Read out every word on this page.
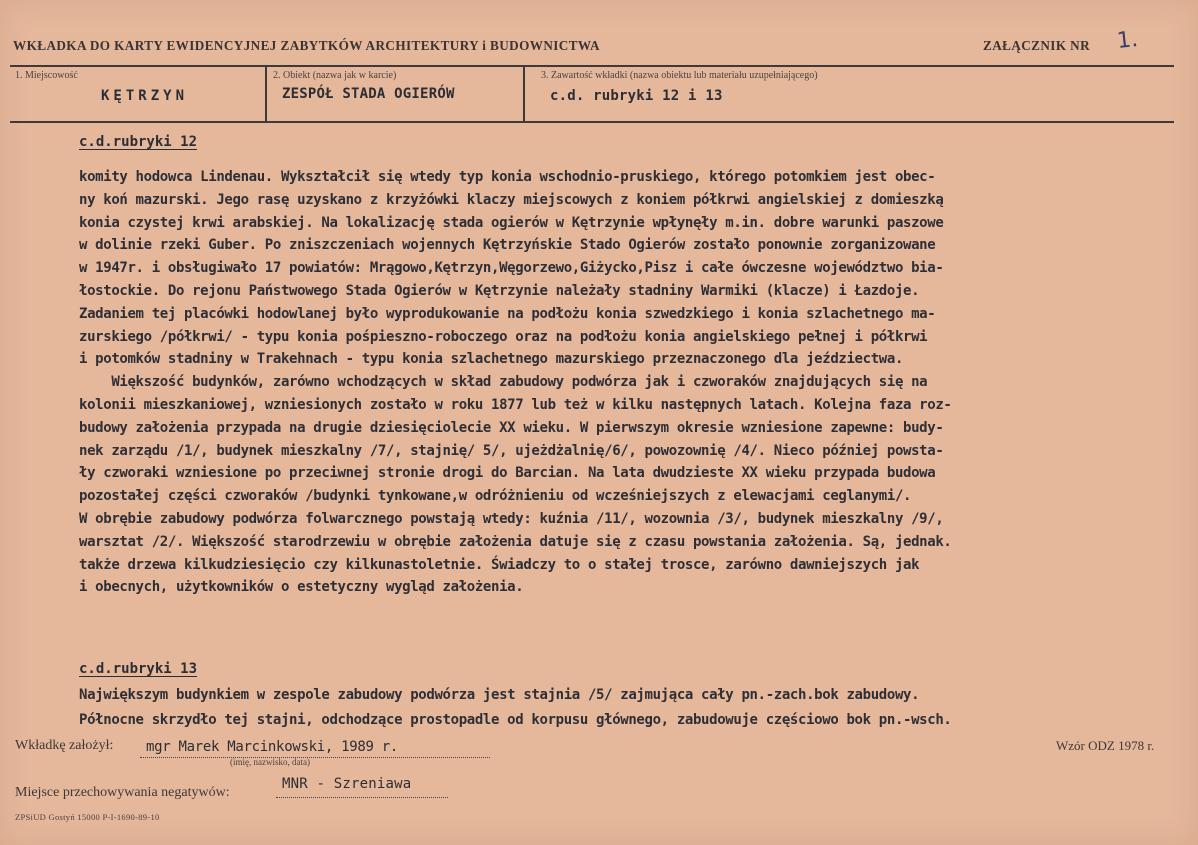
WKŁADKA DO KARTY EWIDENCYJNEJ ZABYTKÓW ARCHITEKTURY i BUDOWNICTWA	ZAŁĄCZNIK NR 1.
1. Miejscowość
KĘTRZYN
2. Obiekt (nazwa jak w karcie)
ZESPÓŁ STADA OGIERÓW
3. Zawartość wkładki (nazwa obiektu lub materiału uzupełniającego)
c.d. rubryki 12 i 13
c.d.rubryki 12
komity hodowca Lindenau. Wykształcił się wtedy typ konia wschodnio-pruskiego, którego potomkiem jest obec-
ny koń mazurski. Jego rasę uzyskano z krzyżówki klaczy miejscowych z koniem półkrwi angielskiej z domieszką
konia czystej krwi arabskiej. Na lokalizację stada ogierów w Kętrzynie wpłynęły m.in. dobre warunki paszowe
w dolinie rzeki Guber. Po zniszczeniach wojennych Kętrzyńskie Stado Ogierów zostało ponownie zorganizowane
w 1947r. i obsługiwało 17 powiatów: Mrągowo,Kętrzyn,Węgorzewo,Giżycko,Pisz i całe ówczesne województwo bia-
łostockie. Do rejonu Państwowego Stada Ogierów w Kętrzynie należały stadniny Warmiki (klacze) i Łazdoje.
Zadaniem tej placówki hodowlanej było wyprodukowanie na podłożu konia szwedzkiego i konia szlachetnego ma-
zurskiego /półkrwi/ - typu konia pośpieszno-roboczego oraz na podłożu konia angielskiego pełnej i półkrwi
i potomków stadniny w Trakehnach - typu konia szlachetnego mazurskiego przeznaczonego dla jeździectwa.
Większość budynków, zarówno wchodzących w skład zabudowy podwórza jak i czworaków znajdujących się na
kolonii mieszkaniowej, wzniesionych zostało w roku 1877 lub też w kilku następnych latach. Kolejna faza roz-
budowy założenia przypada na drugie dziesięciolecie XX wieku. W pierwszym okresie wzniesione zapewne: budy-
nek zarządu /1/, budynek mieszkalny /7/, stajnię/ 5/, ujeżdżalnię/6/, powozownię /4/. Nieco później powsta-
ły czworaki wzniesione po przeciwnej stronie drogi do Barcian. Na lata dwudzieste XX wieku przypada budowa
pozostałej części czworaków /budynki tynkowane,w odróżnieniu od wcześniejszych z elewacjami ceglanymi/.
W obrębie zabudowy podwórza folwarcznego powstają wtedy: kuźnia /11/, wozownia /3/, budynek mieszkalny /9/,
warsztat /2/. Większość starodrzewiu w obrębie założenia datuje się z czasu powstania założenia. Są, jednak.
także drzewa kilkudziesięcio czy kilkunastoletnie. Świadczy to o stałej trosce, zarówno dawniejszych jak
i obecnych, użytkowników o estetyczny wygląd założenia.
c.d.rubryki 13
Największym budynkiem w zespole zabudowy podwórza jest stajnia /5/ zajmująca cały pn.-zach.bok zabudowy.
Północne skrzydło tej stajni, odchodzące prostopadle od korpusu głównego, zabudowuje częściowo bok pn.-wsch.
Wkładkę założył: mgr Marek Marcinkowski, 1989 r.
(imię, nazwisko, data)
Wzór ODZ 1978 r.
Miejsce przechowywania negatywów:
MNR - Szreniawa
ZPSiUD Gostyń 15000 P-I-1690-89-10
